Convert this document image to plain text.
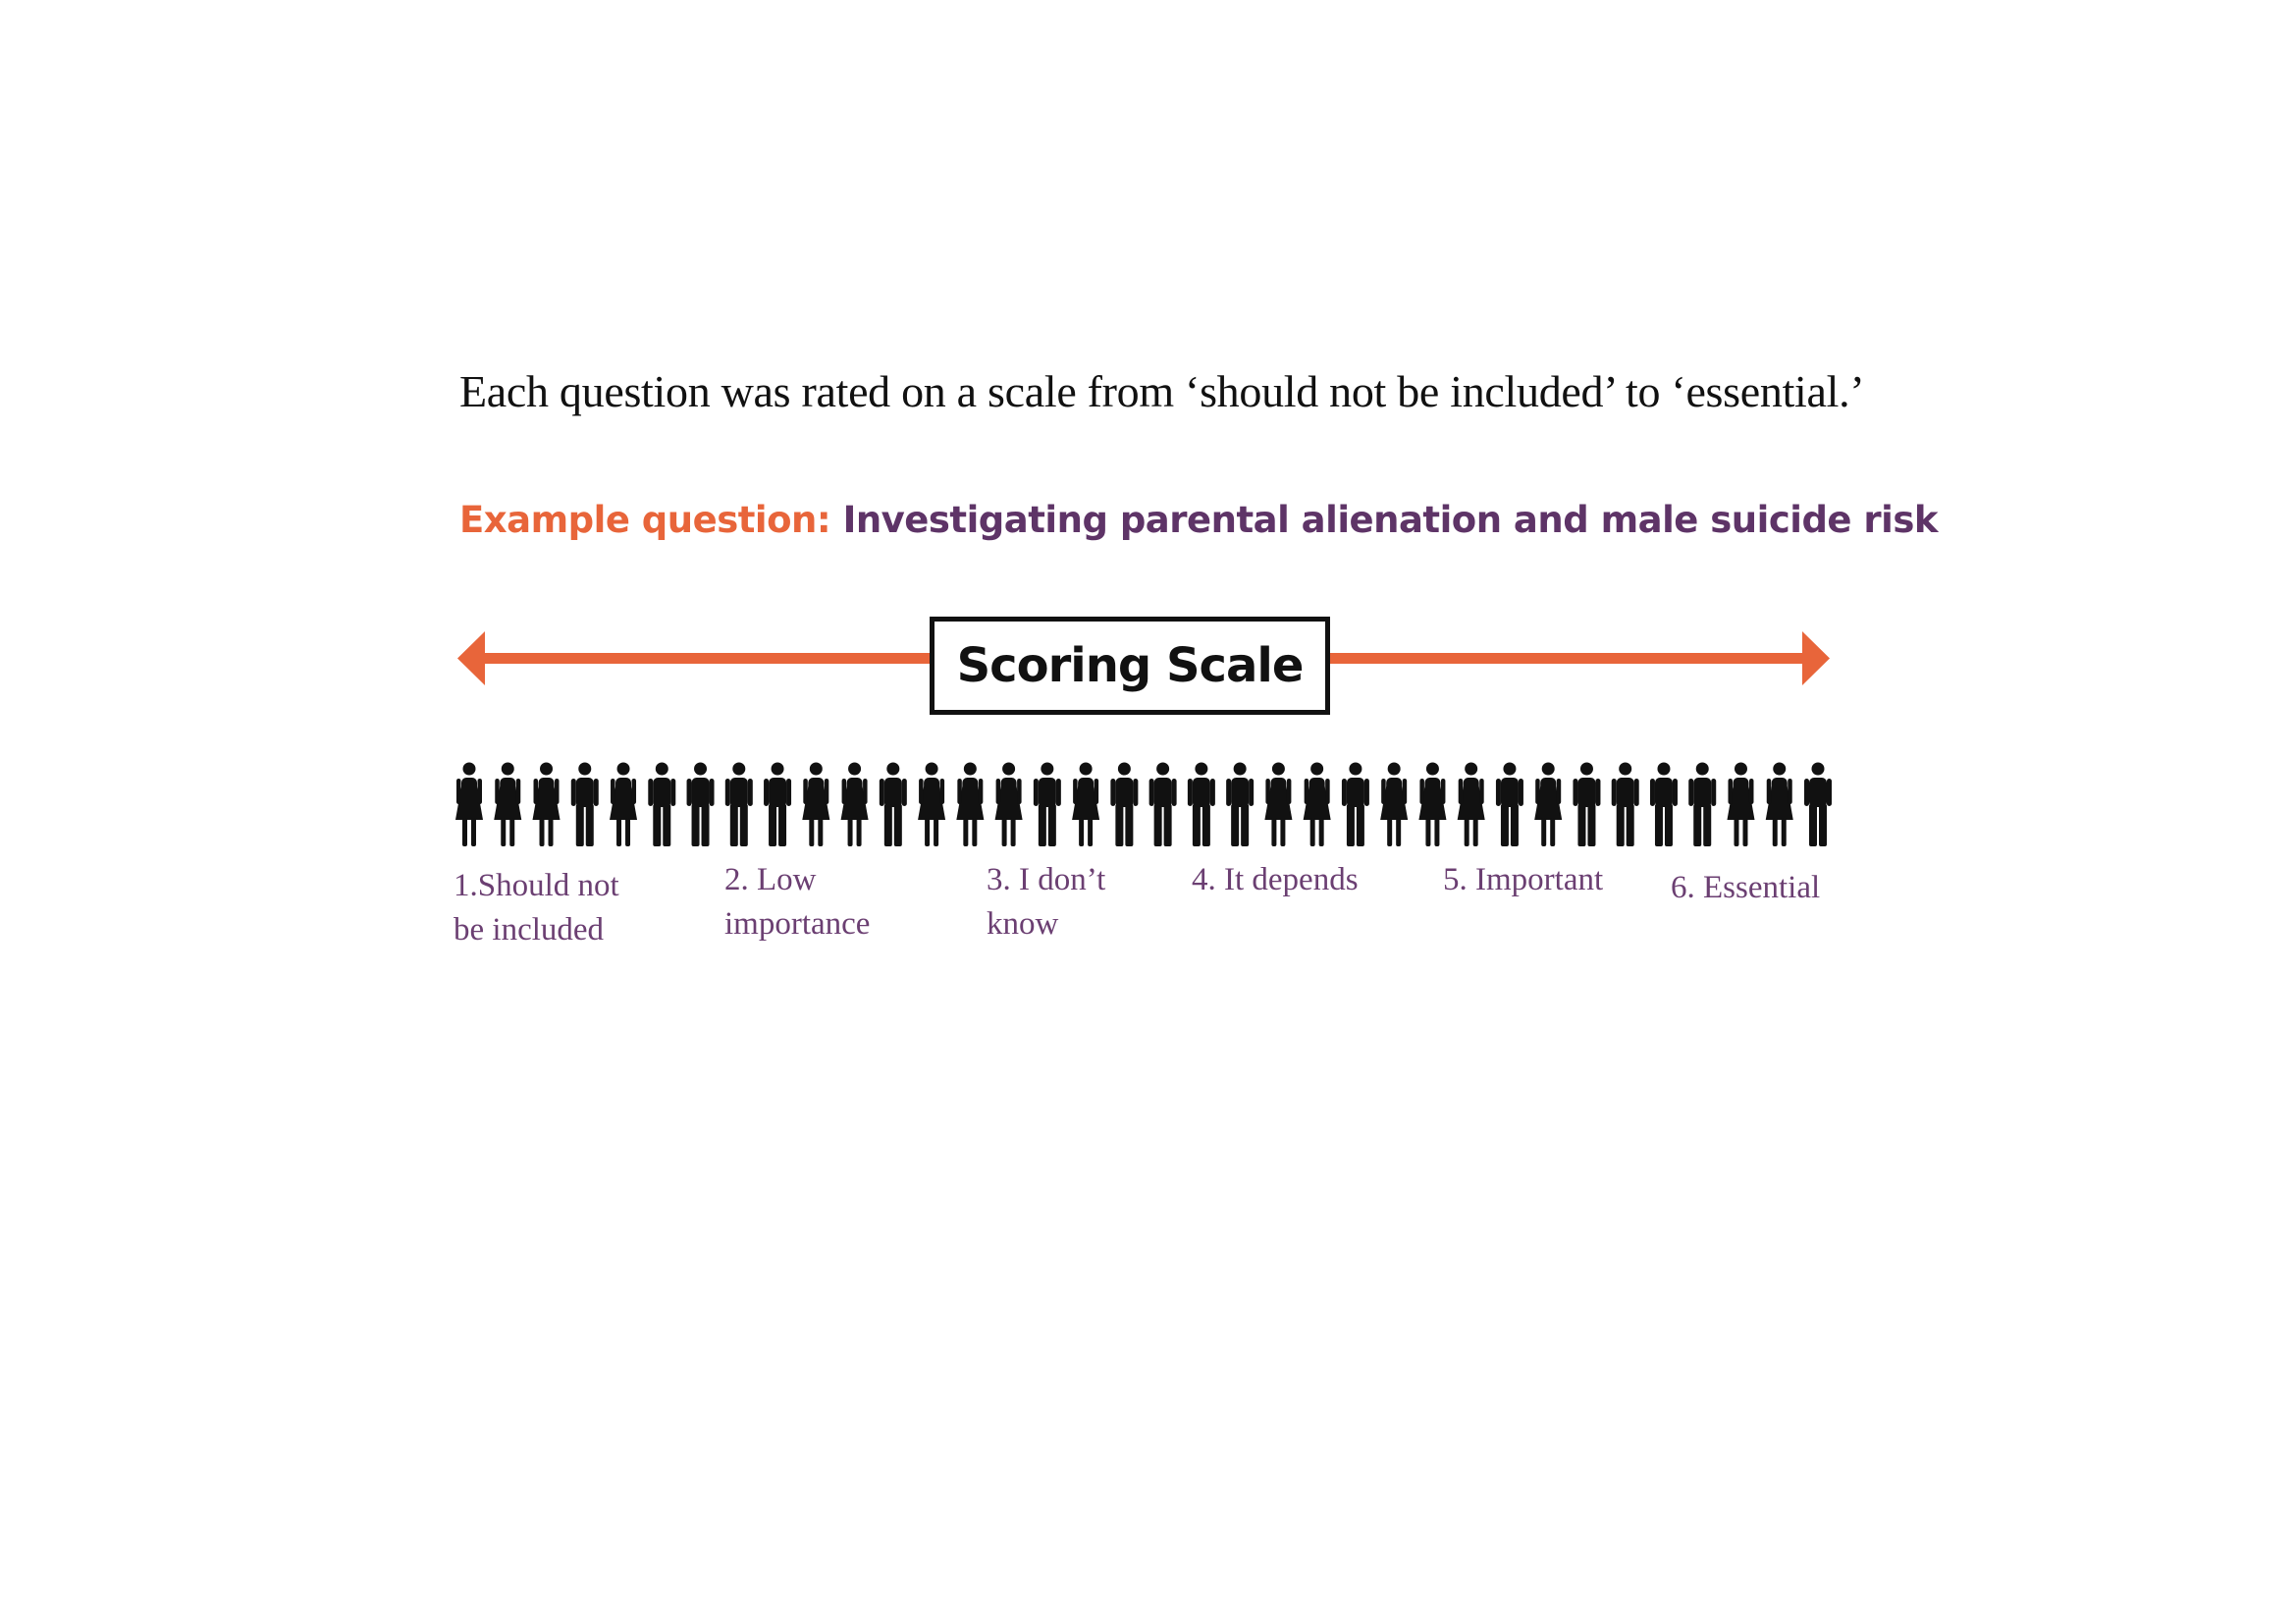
Each question was rated on a scale from ‘should not be included’ to ‘essential.’
Example question: Investigating parental alienation and male suicide risk
Scoring Scale
1.Should not
be included
2. Low
importance
3. I don’t
know
4. It depends	5. Important 6. Essential
